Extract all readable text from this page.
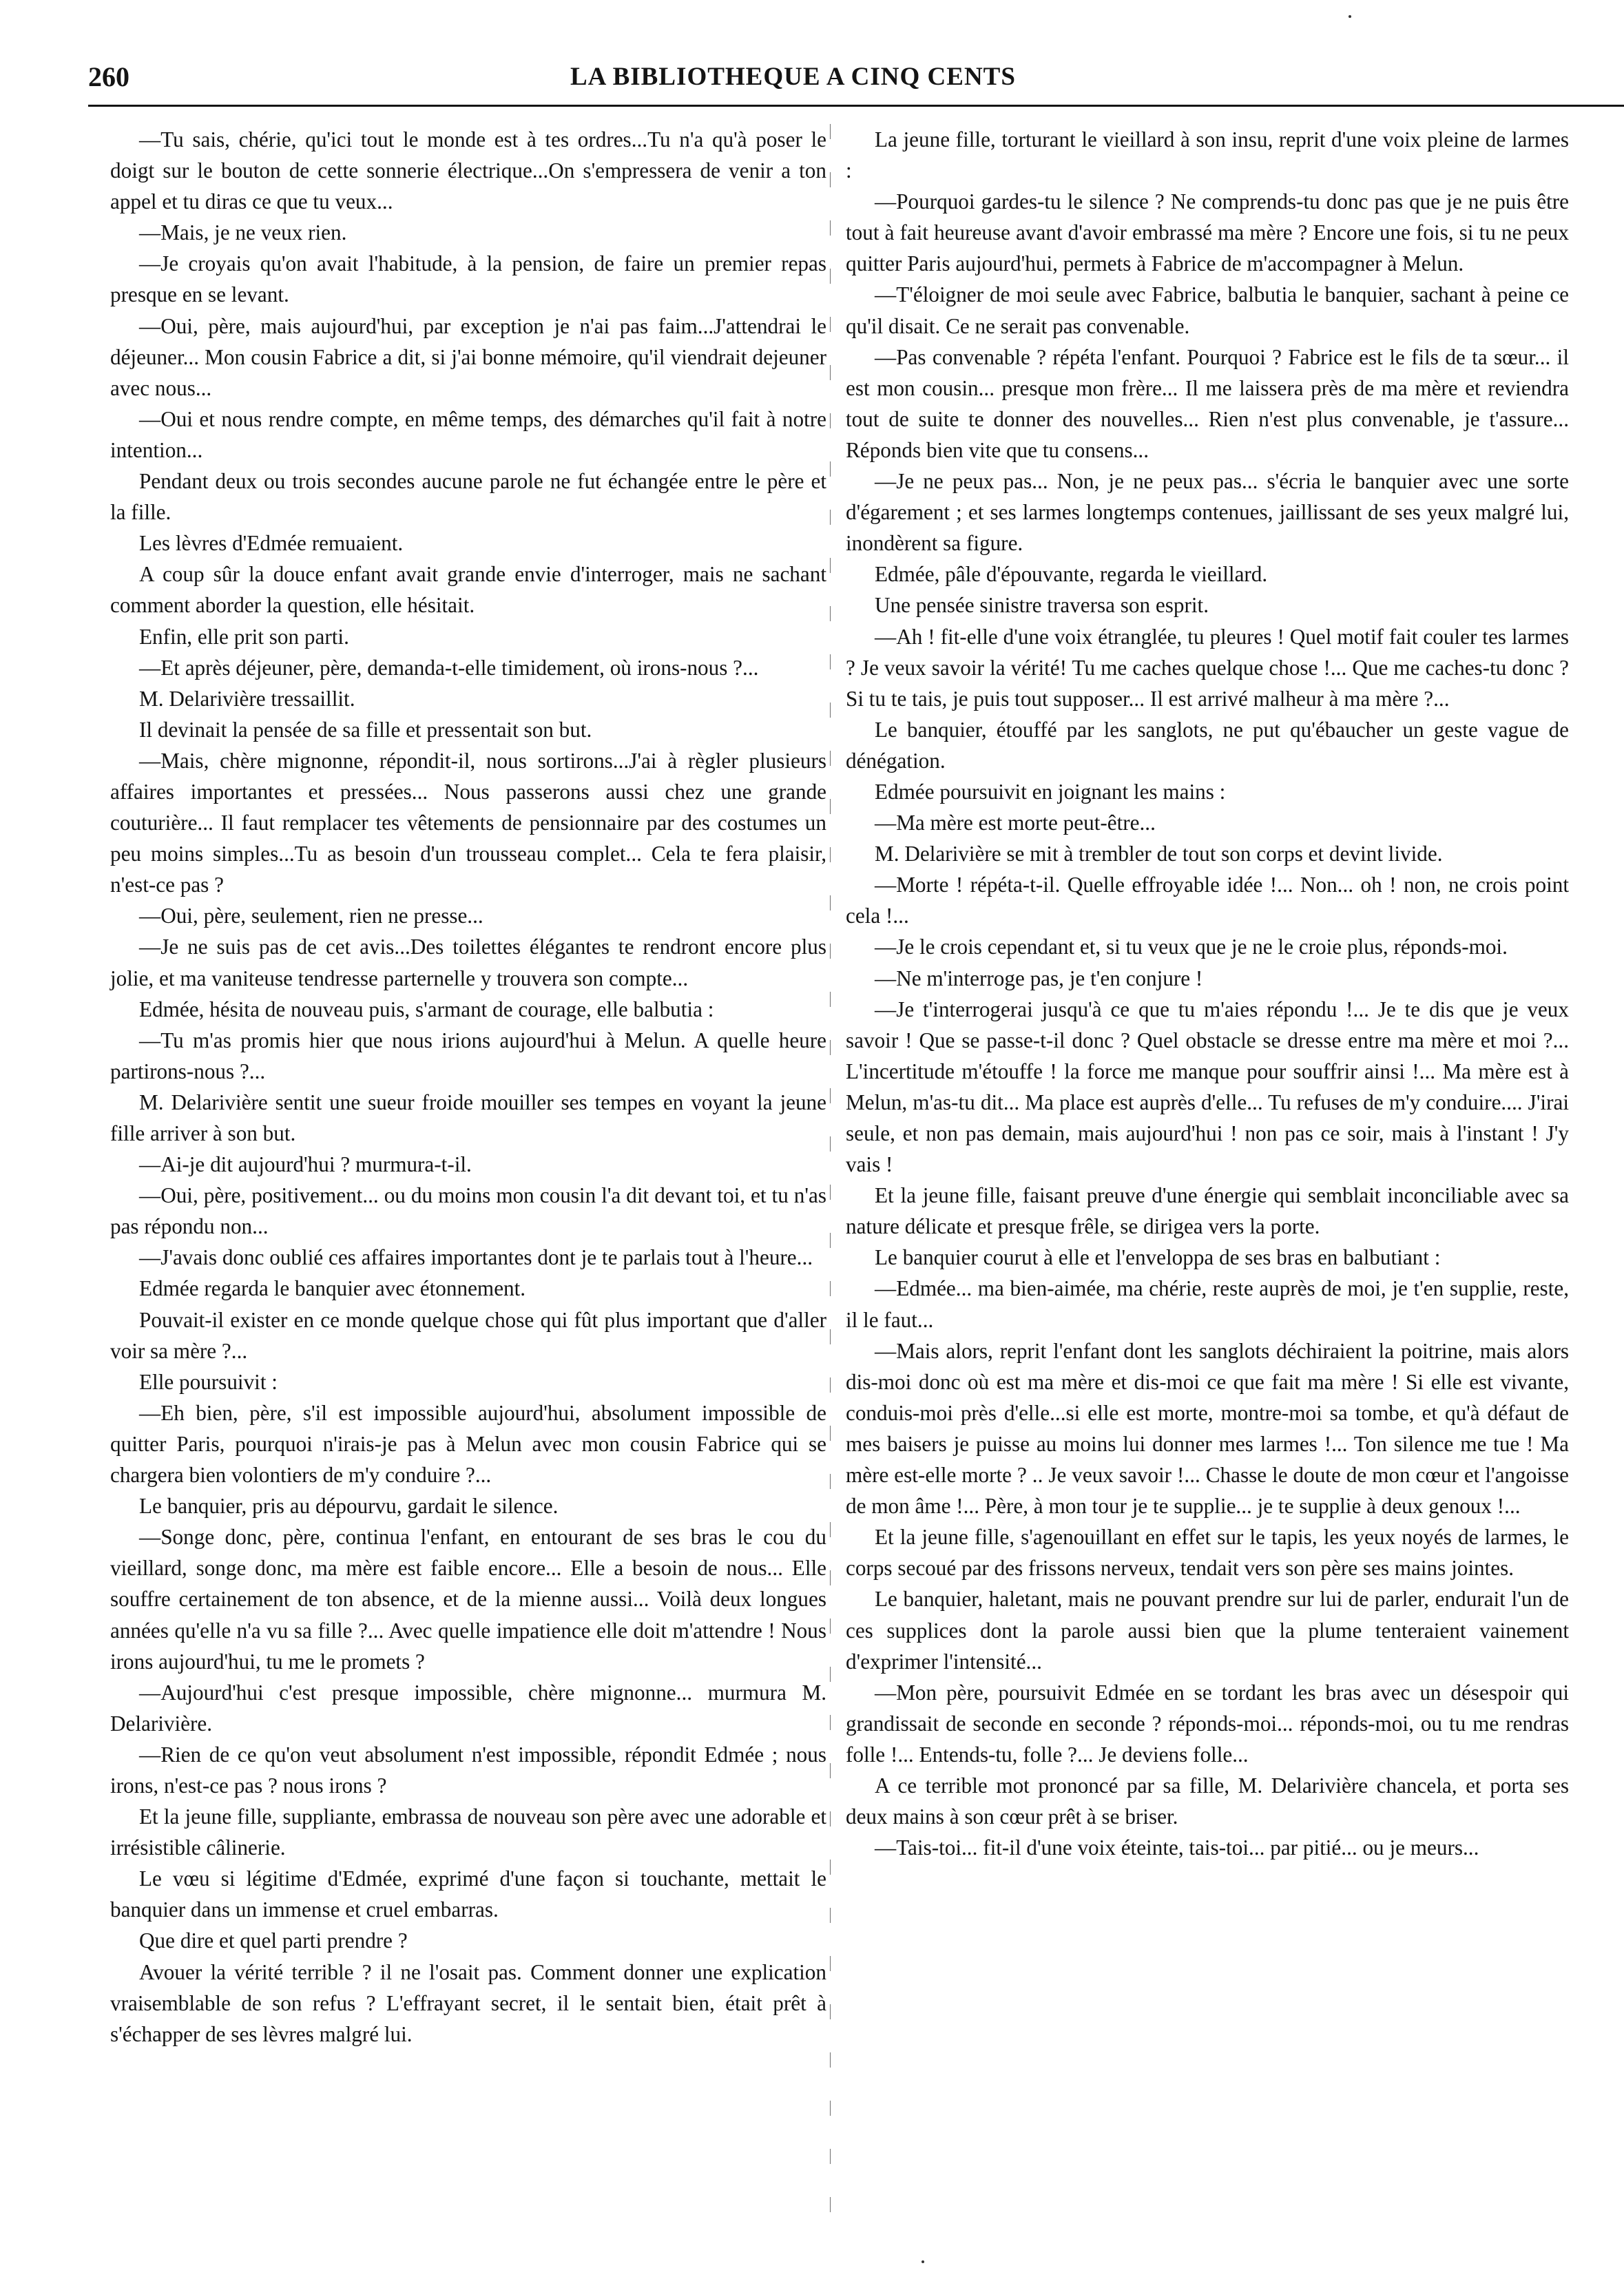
260	LA BIBLIOTHEQUE A CINQ CENTS

—Tu sais, chérie, qu'ici tout le monde est à tes ordres...Tu n'a qu'à poser le doigt sur le bouton de cette sonnerie électrique...On s'empressera de venir a ton appel et tu diras ce que tu veux...

—Mais, je ne veux rien.

—Je croyais qu'on avait l'habitude, à la pension, de faire un premier repas presque en se levant.

—Oui, père, mais aujourd'hui, par exception je n'ai pas faim...J'attendrai le déjeuner... Mon cousin Fabrice a dit, si j'ai bonne mémoire, qu'il viendrait dejeuner avec nous...

—Oui et nous rendre compte, en même temps, des démarches qu'il fait à notre intention...

Pendant deux ou trois secondes aucune parole ne fut échangée entre le père et la fille.

Les lèvres d'Edmée remuaient.

A coup sûr la douce enfant avait grande envie d'interroger, mais ne sachant comment aborder la question, elle hésitait.

Enfin, elle prit son parti.

—Et après déjeuner, père, demanda-t-elle timidement, où irons-nous ?...

M. Delarivière tressaillit.

Il devinait la pensée de sa fille et pressentait son but.

—Mais, chère mignonne, répondit-il, nous sortirons...J'ai à règler plusieurs affaires importantes et pressées... Nous passerons aussi chez une grande couturière... Il faut remplacer tes vêtements de pensionnaire par des costumes un peu moins simples...Tu as besoin d'un trousseau complet... Cela te fera plaisir, n'est-ce pas ?

—Oui, père, seulement, rien ne presse...

—Je ne suis pas de cet avis...Des toilettes élégantes te rendront encore plus jolie, et ma vaniteuse tendresse parternelle y trouvera son compte...

Edmée, hésita de nouveau puis, s'armant de courage, elle balbutia :

—Tu m'as promis hier que nous irions aujourd'hui à Melun. A quelle heure partirons-nous ?...

M. Delarivière sentit une sueur froide mouiller ses tempes en voyant la jeune fille arriver à son but.

—Ai-je dit aujourd'hui ? murmura-t-il.

—Oui, père, positivement... ou du moins mon cousin l'a dit devant toi, et tu n'as pas répondu non...

—J'avais donc oublié ces affaires importantes dont je te parlais tout à l'heure...

Edmée regarda le banquier avec étonnement.

Pouvait-il exister en ce monde quelque chose qui fût plus important que d'aller voir sa mère ?...

Elle poursuivit :

—Eh bien, père, s'il est impossible aujourd'hui, absolument impossible de quitter Paris, pourquoi n'irais-je pas à Melun avec mon cousin Fabrice qui se chargera bien volontiers de m'y conduire ?...

Le banquier, pris au dépourvu, gardait le silence.

—Songe donc, père, continua l'enfant, en entourant de ses bras le cou du vieillard, songe donc, ma mère est faible encore... Elle a besoin de nous... Elle souffre certainement de ton absence, et de la mienne aussi... Voilà deux longues années qu'elle n'a vu sa fille ?... Avec quelle impatience elle doit m'attendre ! Nous irons aujourd'hui, tu me le promets ?

—Aujourd'hui c'est presque impossible, chère mignonne... murmura M. Delarivière.

—Rien de ce qu'on veut absolument n'est impossible, répondit Edmée ; nous irons, n'est-ce pas ? nous irons ?

Et la jeune fille, suppliante, embrassa de nouveau son père avec une adorable et irrésistible câlinerie.

Le vœu si légitime d'Edmée, exprimé d'une façon si touchante, mettait le banquier dans un immense et cruel embarras.

Que dire et quel parti prendre ?

Avouer la vérité terrible ? il ne l'osait pas. Comment donner une explication vraisemblable de son refus ? L'effrayant secret, il le sentait bien, était prêt à s'échapper de ses lèvres malgré lui.

La jeune fille, torturant le vieillard à son insu, reprit d'une voix pleine de larmes :

—Pourquoi gardes-tu le silence ? Ne comprends-tu donc pas que je ne puis être tout à fait heureuse avant d'avoir embrassé ma mère ? Encore une fois, si tu ne peux quitter Paris aujourd'hui, permets à Fabrice de m'accompagner à Melun.

—T'éloigner de moi seule avec Fabrice, balbutia le banquier, sachant à peine ce qu'il disait. Ce ne serait pas convenable.

—Pas convenable ? répéta l'enfant. Pourquoi ? Fabrice est le fils de ta sœur... il est mon cousin... presque mon frère... Il me laissera près de ma mère et reviendra tout de suite te donner des nouvelles... Rien n'est plus convenable, je t'assure... Réponds bien vite que tu consens...

—Je ne peux pas... Non, je ne peux pas... s'écria le banquier avec une sorte d'égarement ; et ses larmes longtemps contenues, jaillissant de ses yeux malgré lui, inondèrent sa figure.

Edmée, pâle d'épouvante, regarda le vieillard.

Une pensée sinistre traversa son esprit.

—Ah ! fit-elle d'une voix étranglée, tu pleures ! Quel motif fait couler tes larmes ? Je veux savoir la vérité! Tu me caches quelque chose !... Que me caches-tu donc ? Si tu te tais, je puis tout supposer... Il est arrivé malheur à ma mère ?...

Le banquier, étouffé par les sanglots, ne put qu'ébaucher un geste vague de dénégation.

Edmée poursuivit en joignant les mains :

—Ma mère est morte peut-être...

M. Delarivière se mit à trembler de tout son corps et devint livide.

—Morte ! répéta-t-il. Quelle effroyable idée !... Non... oh ! non, ne crois point cela !...

—Je le crois cependant et, si tu veux que je ne le croie plus, réponds-moi.

—Ne m'interroge pas, je t'en conjure !

—Je t'interrogerai jusqu'à ce que tu m'aies répondu !... Je te dis que je veux savoir ! Que se passe-t-il donc ? Quel obstacle se dresse entre ma mère et moi ?... L'incertitude m'étouffe ! la force me manque pour souffrir ainsi !... Ma mère est à Melun, m'as-tu dit... Ma place est auprès d'elle... Tu refuses de m'y conduire.... J'irai seule, et non pas demain, mais aujourd'hui ! non pas ce soir, mais à l'instant ! J'y vais !

Et la jeune fille, faisant preuve d'une énergie qui semblait inconciliable avec sa nature délicate et presque frêle, se dirigea vers la porte.

Le banquier courut à elle et l'enveloppa de ses bras en balbutiant :

—Edmée... ma bien-aimée, ma chérie, reste auprès de moi, je t'en supplie, reste, il le faut...

—Mais alors, reprit l'enfant dont les sanglots déchiraient la poitrine, mais alors dis-moi donc où est ma mère et dis-moi ce que fait ma mère ! Si elle est vivante, conduis-moi près d'elle...si elle est morte, montre-moi sa tombe, et qu'à défaut de mes baisers je puisse au moins lui donner mes larmes !... Ton silence me tue ! Ma mère est-elle morte ? .. Je veux savoir !... Chasse le doute de mon cœur et l'angoisse de mon âme !... Père, à mon tour je te supplie... je te supplie à deux genoux !...

Et la jeune fille, s'agenouillant en effet sur le tapis, les yeux noyés de larmes, le corps secoué par des frissons nerveux, tendait vers son père ses mains jointes.

Le banquier, haletant, mais ne pouvant prendre sur lui de parler, endurait l'un de ces supplices dont la parole aussi bien que la plume tenteraient vainement d'exprimer l'intensité...

—Mon père, poursuivit Edmée en se tordant les bras avec un désespoir qui grandissait de seconde en seconde ? réponds-moi... réponds-moi, ou tu me rendras folle !... Entends-tu, folle ?... Je deviens folle...

A ce terrible mot prononcé par sa fille, M. Delarivière chancela, et porta ses deux mains à son cœur prêt à se briser.

—Tais-toi... fit-il d'une voix éteinte, tais-toi... par pitié... ou je meurs...
